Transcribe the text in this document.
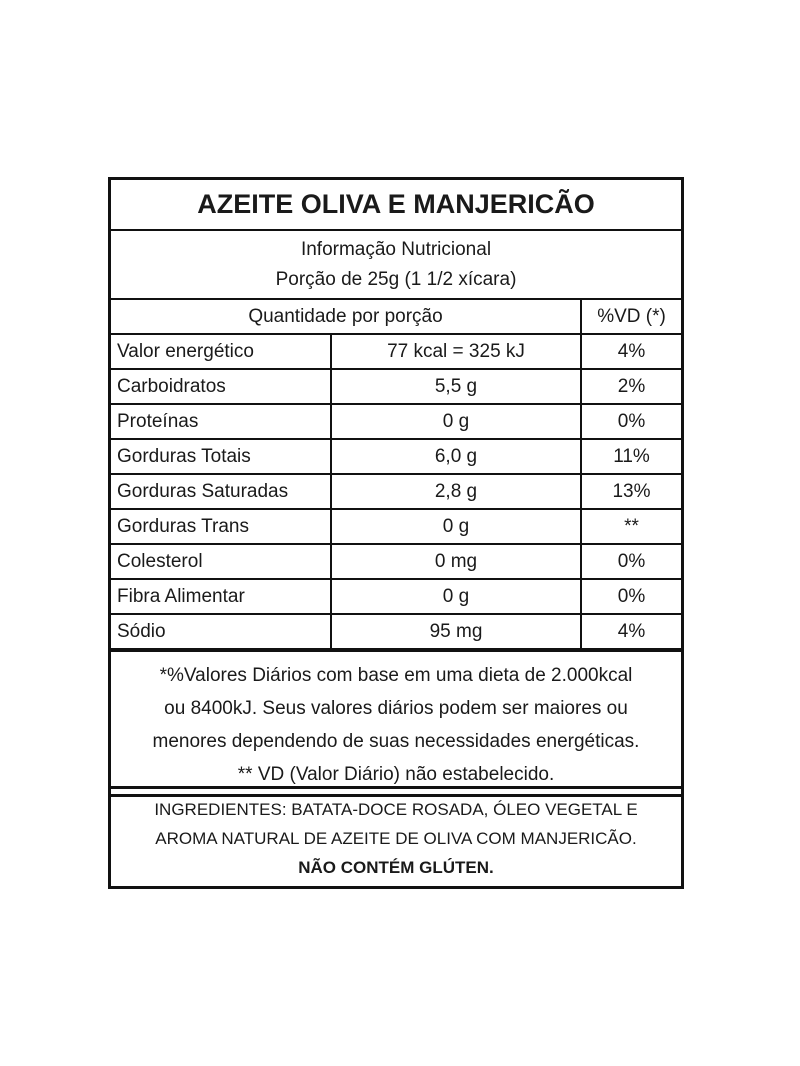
AZEITE OLIVA E MANJERICÃO
Informação Nutricional
Porção de 25g (1 1/2 xícara)
Quantidade por porção		%VD (*)
Valor energético	77 kcal = 325 kJ	4%
Carboidratos	5,5 g	2%
Proteínas	0 g	0%
Gorduras Totais	6,0 g	11%
Gorduras Saturadas	2,8 g	13%
Gorduras Trans	0 g	**
Colesterol	0 mg	0%
Fibra Alimentar	0 g	0%
Sódio	95 mg	4%
*%Valores Diários com base em uma dieta de 2.000kcal
ou 8400kJ. Seus valores diários podem ser maiores ou
menores dependendo de suas necessidades energéticas.
** VD (Valor Diário) não estabelecido.
INGREDIENTES: BATATA-DOCE ROSADA, ÓLEO VEGETAL E
AROMA NATURAL DE AZEITE DE OLIVA COM MANJERICÃO.
NÃO CONTÉM GLÚTEN.
